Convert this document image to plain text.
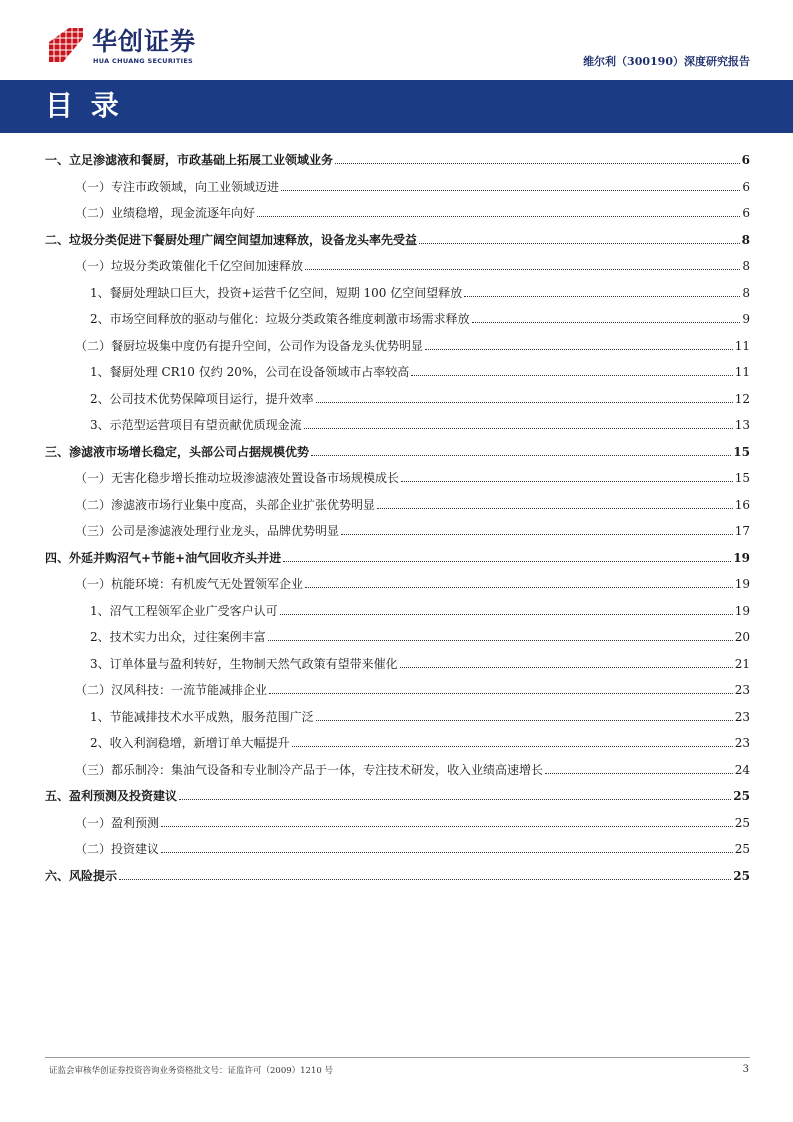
华创证券
HUA CHUANG SECURITIES	维尔利（300190）深度研究报告
目 录
一、立足渗滤液和餐厨，市政基础上拓展工业领域业务	6
（一）专注市政领域，向工业领域迈进	6
（二）业绩稳增，现金流逐年向好	6
二、垃圾分类促进下餐厨处理广阔空间望加速释放，设备龙头率先受益	8
（一）垃圾分类政策催化千亿空间加速释放	8
1、餐厨处理缺口巨大，投资+运营千亿空间，短期 100 亿空间望释放	8
2、市场空间释放的驱动与催化：垃圾分类政策各维度刺激市场需求释放	9
（二）餐厨垃圾集中度仍有提升空间，公司作为设备龙头优势明显	11
1、餐厨处理 CR10 仅约 20%，公司在设备领域市占率较高	11
2、公司技术优势保障项目运行，提升效率	12
3、示范型运营项目有望贡献优质现金流	13
三、渗滤液市场增长稳定，头部公司占据规模优势	15
（一）无害化稳步增长推动垃圾渗滤液处置设备市场规模成长	15
（二）渗滤液市场行业集中度高，头部企业扩张优势明显	16
（三）公司是渗滤液处理行业龙头，品牌优势明显	17
四、外延并购沼气+节能+油气回收齐头并进	19
（一）杭能环境：有机废气无处置领军企业	19
1、沼气工程领军企业广受客户认可	19
2、技术实力出众，过往案例丰富	20
3、订单体量与盈利转好，生物制天然气政策有望带来催化	21
（二）汉风科技：一流节能减排企业	23
1、节能减排技术水平成熟，服务范围广泛	23
2、收入利润稳增，新增订单大幅提升	23
（三）都乐制冷：集油气设备和专业制冷产品于一体，专注技术研发，收入业绩高速增长	24
五、盈利预测及投资建议	25
（一）盈利预测	25
（二）投资建议	25
六、风险提示	25
证监会审核华创证券投资咨询业务资格批文号：证监许可（2009）1210 号	3
